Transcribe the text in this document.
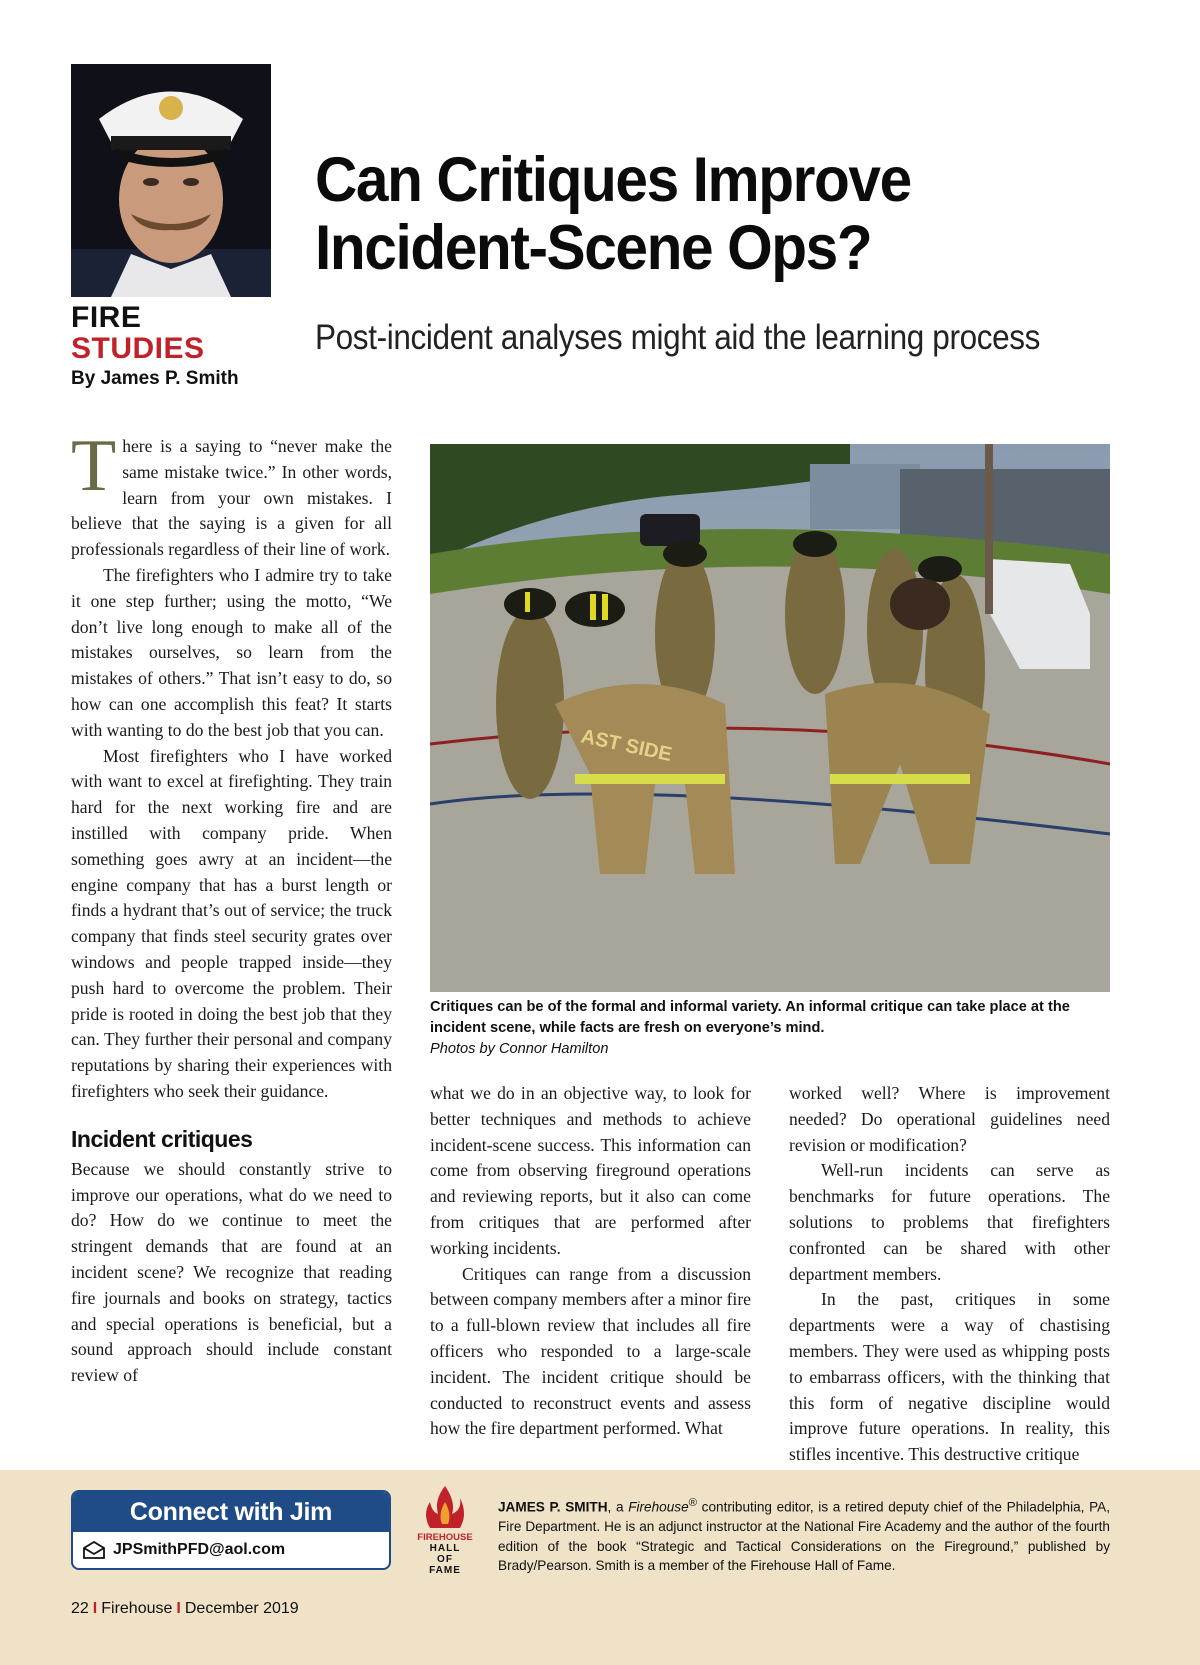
FIRE
STUDIES
By James P. Smith
Can Critiques Improve Incident-Scene Ops?
Post-incident analyses might aid the learning process

There is a saying to “never make the same mistake twice.” In other words, learn from your own mistakes. I believe that the saying is a given for all professionals regardless of their line of work.

The firefighters who I admire try to take it one step further; using the motto, “We don’t live long enough to make all of the mistakes ourselves, so learn from the mistakes of others.” That isn’t easy to do, so how can one accomplish this feat? It starts with wanting to do the best job that you can.

Most firefighters who I have worked with want to excel at firefighting. They train hard for the next working fire and are instilled with company pride. When something goes awry at an incident—the engine company that has a burst length or finds a hydrant that’s out of service; the truck company that finds steel security grates over windows and people trapped inside—they push hard to overcome the problem. Their pride is rooted in doing the best job that they can. They further their personal and company reputations by sharing their experiences with firefighters who seek their guidance.

Incident critiques

Because we should constantly strive to improve our operations, what do we need to do? How do we continue to meet the stringent demands that are found at an incident scene? We recognize that reading fire journals and books on strategy, tactics and special operations is beneficial, but a sound approach should include constant review of

AST SIDE
Critiques can be of the formal and informal variety. An informal critique can take place at the incident scene, while facts are fresh on everyone’s mind.
Photos by Connor Hamilton

what we do in an objective way, to look for better techniques and methods to achieve incident-scene success. This information can come from observing fireground operations and reviewing reports, but it also can come from critiques that are performed after working incidents.

Critiques can range from a discussion between company members after a minor fire to a full-blown review that includes all fire officers who responded to a large-scale incident. The incident critique should be conducted to reconstruct events and assess how the fire department performed. What

worked well? Where is improvement needed? Do operational guidelines need revision or modification?

Well-run incidents can serve as benchmarks for future operations. The solutions to problems that firefighters confronted can be shared with other department members.

In the past, critiques in some departments were a way of chastising members. They were used as whipping posts to embarrass officers, with the thinking that this form of negative discipline would improve future operations. In reality, this stifles incentive. This destructive critique

Connect with Jim
JPSmithPFD@aol.com
FIREHOUSE
HALL
OF
FAME
JAMES P. SMITH, a Firehouse® contributing editor, is a retired deputy chief of the Philadelphia, PA, Fire Department. He is an adjunct instructor at the National Fire Academy and the author of the fourth edition of the book “Strategic and Tactical Considerations on the Fireground,” published by Brady/Pearson. Smith is a member of the Firehouse Hall of Fame.
22 I Firehouse I December 2019
